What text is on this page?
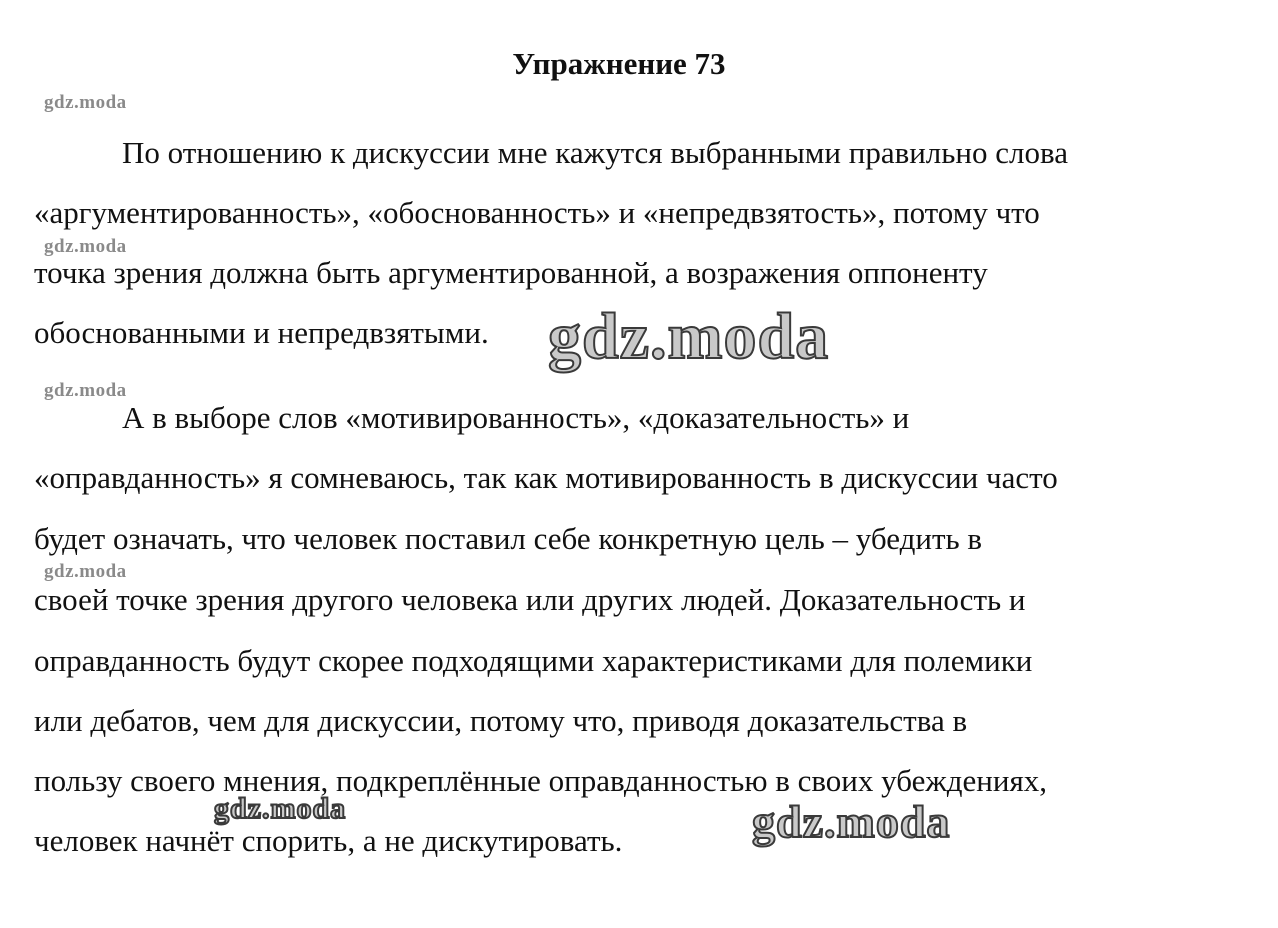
Упражнение 73
По отношению к дискуссии мне кажутся выбранными правильно слова
«аргументированность», «обоснованность» и «непредвзятость», потому что
точка зрения должна быть аргументированной, а возражения оппоненту
обоснованными и непредвзятыми.
А в выборе слов «мотивированность», «доказательность» и
«оправданность» я сомневаюсь, так как мотивированность в дискуссии часто
будет означать, что человек поставил себе конкретную цель – убедить в
своей точке зрения другого человека или других людей. Доказательность и
оправданность будут скорее подходящими характеристиками для полемики
или дебатов, чем для дискуссии, потому что, приводя доказательства в
пользу своего мнения, подкреплённые оправданностью в своих убеждениях,
человек начнёт спорить, а не дискутировать.
gdz.moda
gdz.moda
gdz.moda
gdz.moda
gdz.moda
gdz.moda	gdz.moda
